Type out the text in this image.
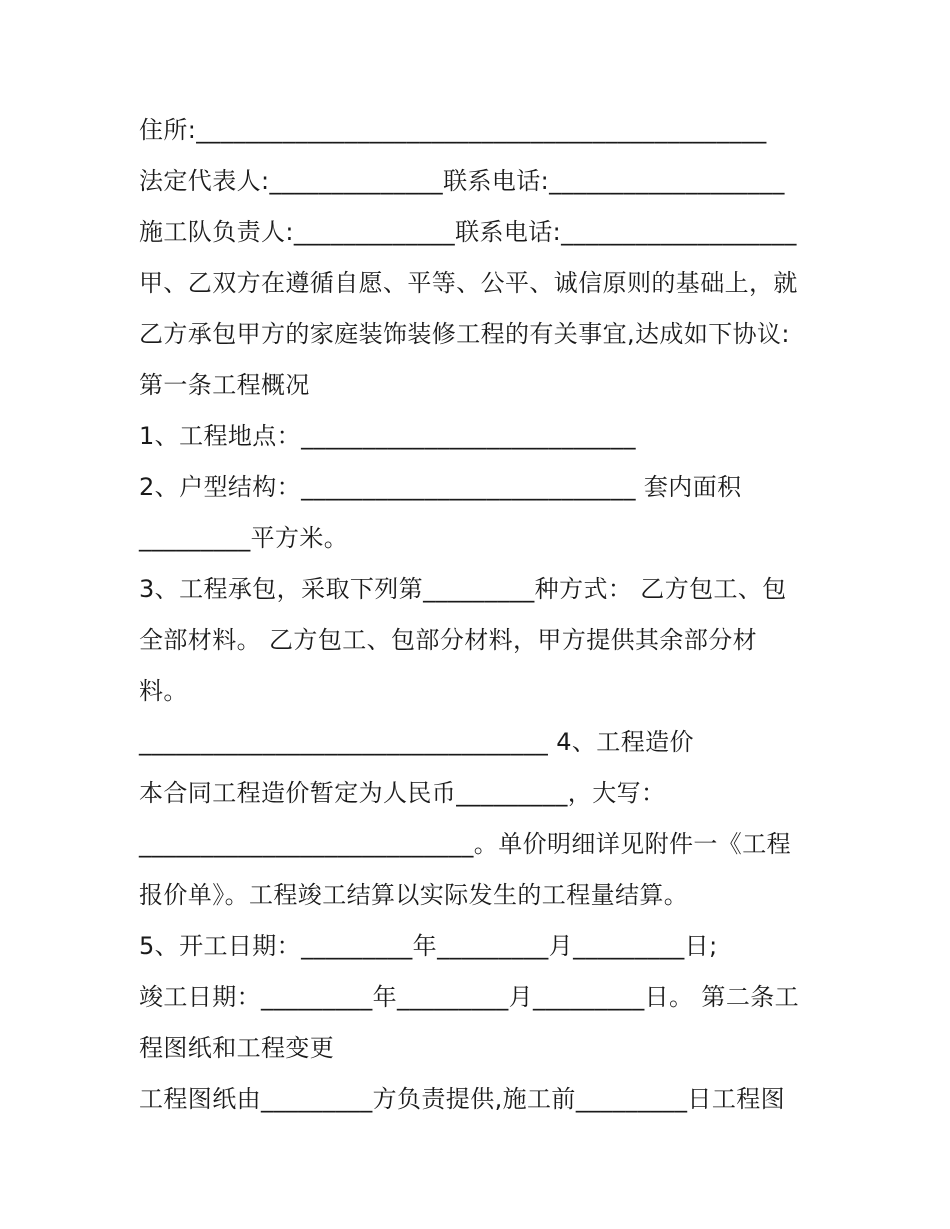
住所:______________________________________________
法定代表人:______________联系电话:___________________
施工队负责人:_____________联系电话:___________________
甲、乙双方在遵循自愿、平等、公平、诚信原则的基础上，就
乙方承包甲方的家庭装饰装修工程的有关事宜,达成如下协议:
第一条工程概况
1、工程地点：___________________________
2、户型结构：___________________________ 套内面积
_________平方米。
3、工程承包，采取下列第_________种方式： 乙方包工、包
全部材料。 乙方包工、包部分材料，甲方提供其余部分材
料。
_________________________________ 4、工程造价
本合同工程造价暂定为人民币_________，大写：
___________________________。单价明细详见附件一《工程
报价单》。工程竣工结算以实际发生的工程量结算。
5、开工日期：_________年_________月_________日;
竣工日期：_________年_________月_________日。 第二条工
程图纸和工程变更
工程图纸由_________方负责提供,施工前_________日工程图
